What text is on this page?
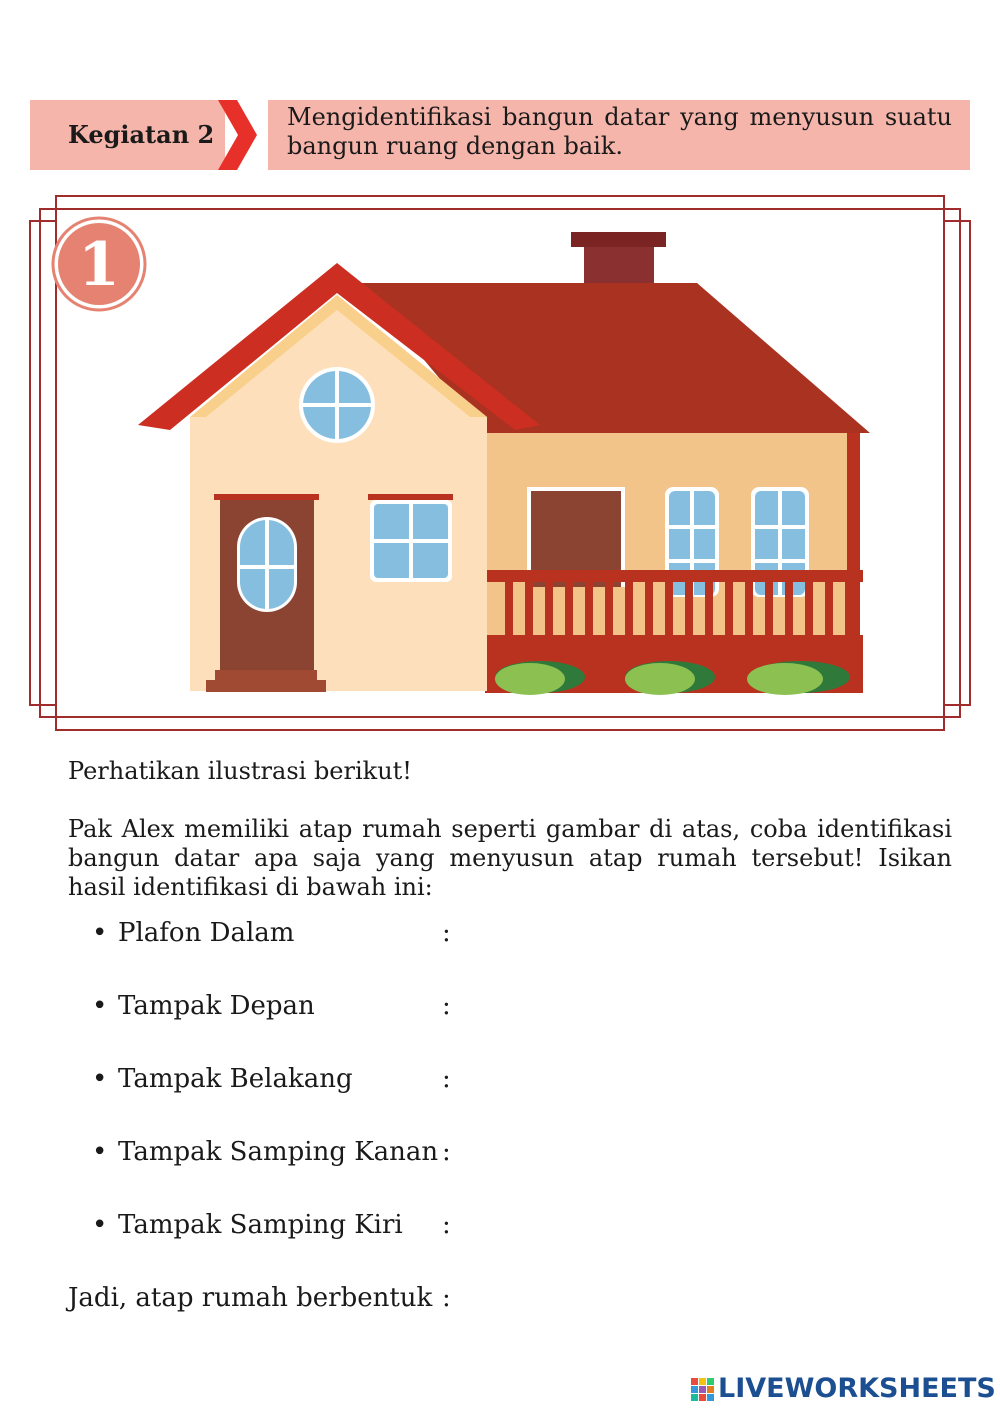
Kegiatan 2
Mengidentifikasi bangun datar yang menyusun suatu bangun ruang dengan baik.
1
Perhatikan ilustrasi berikut!
Pak Alex memiliki atap rumah seperti gambar di atas, coba identifikasi bangun datar apa saja yang menyusun atap rumah tersebut! Isikan hasil identifikasi di bawah ini:
• Plafon Dalam	:
• Tampak Depan	:
• Tampak Belakang	:
• Tampak Samping Kanan :
• Tampak Samping Kiri :
Jadi, atap rumah berbentuk :
LIVEWORKSHEETS
